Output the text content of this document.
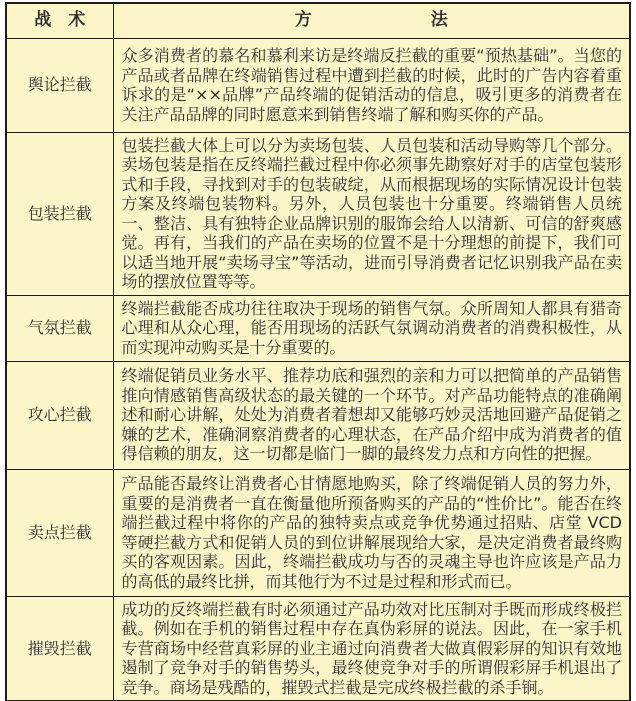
战　术	方　　　　　　　法
舆论拦截	众多消费者的慕名和慕利来访是终端反拦截的重要“预热基础”。当您的产品或者品牌在终端销售过程中遭到拦截的时候，此时的广告内容着重诉求的是“××品牌”产品终端的促销活动的信息，吸引更多的消费者在关注产品品牌的同时愿意来到销售终端了解和购买你的产品。
包装拦截	包装拦截大体上可以分为卖场包装、人员包装和活动导购等几个部分。卖场包装是指在反终端拦截过程中你必须事先勘察好对手的店堂包装形式和手段，寻找到对手的包装破绽，从而根据现场的实际情况设计包装方案及终端包装物料。另外，人员包装也十分重要。终端销售人员统一、整洁、具有独特企业品牌识别的服饰会给人以清新、可信的舒爽感觉。再有，当我们的产品在卖场的位置不是十分理想的前提下，我们可以适当地开展“卖场寻宝”等活动，进而引导消费者记忆识别我产品在卖场的摆放位置等等。
气氛拦截	终端拦截能否成功往往取决于现场的销售气氛。众所周知人都具有猎奇心理和从众心理，能否用现场的活跃气氛调动消费者的消费积极性，从而实现冲动购买是十分重要的。
攻心拦截	终端促销员业务水平、推荐功底和强烈的亲和力可以把简单的产品销售推向情感销售高级状态的最关键的一个环节。对产品功能特点的准确阐述和耐心讲解，处处为消费者着想却又能够巧妙灵活地回避产品促销之嫌的艺术，准确洞察消费者的心理状态，在产品介绍中成为消费者的值得信赖的朋友，这一切都是临门一脚的最终发力点和方向性的把握。
卖点拦截	产品能否最终让消费者心甘情愿地购买，除了终端促销人员的努力外，重要的是消费者一直在衡量他所预备购买的产品的“性价比”。能否在终端拦截过程中将你的产品的独特卖点或竞争优势通过招贴、店堂 VCD 等硬拦截方式和促销人员的到位讲解展现给大家，是决定消费者最终购买的客观因素。因此，终端拦截成功与否的灵魂主导也许应该是产品力的高低的最终比拼，而其他行为不过是过程和形式而已。
摧毁拦截	成功的反终端拦截有时必须通过产品功效对比压制对手既而形成终极拦截。例如在手机的销售过程中存在真伪彩屏的说法。因此，在一家手机专营商场中经营真彩屏的业主通过向消费者大做真假彩屏的知识有效地遏制了竞争对手的销售势头，最终使竞争对手的所谓假彩屏手机退出了竞争。商场是残酷的，摧毁式拦截是完成终极拦截的杀手锏。
